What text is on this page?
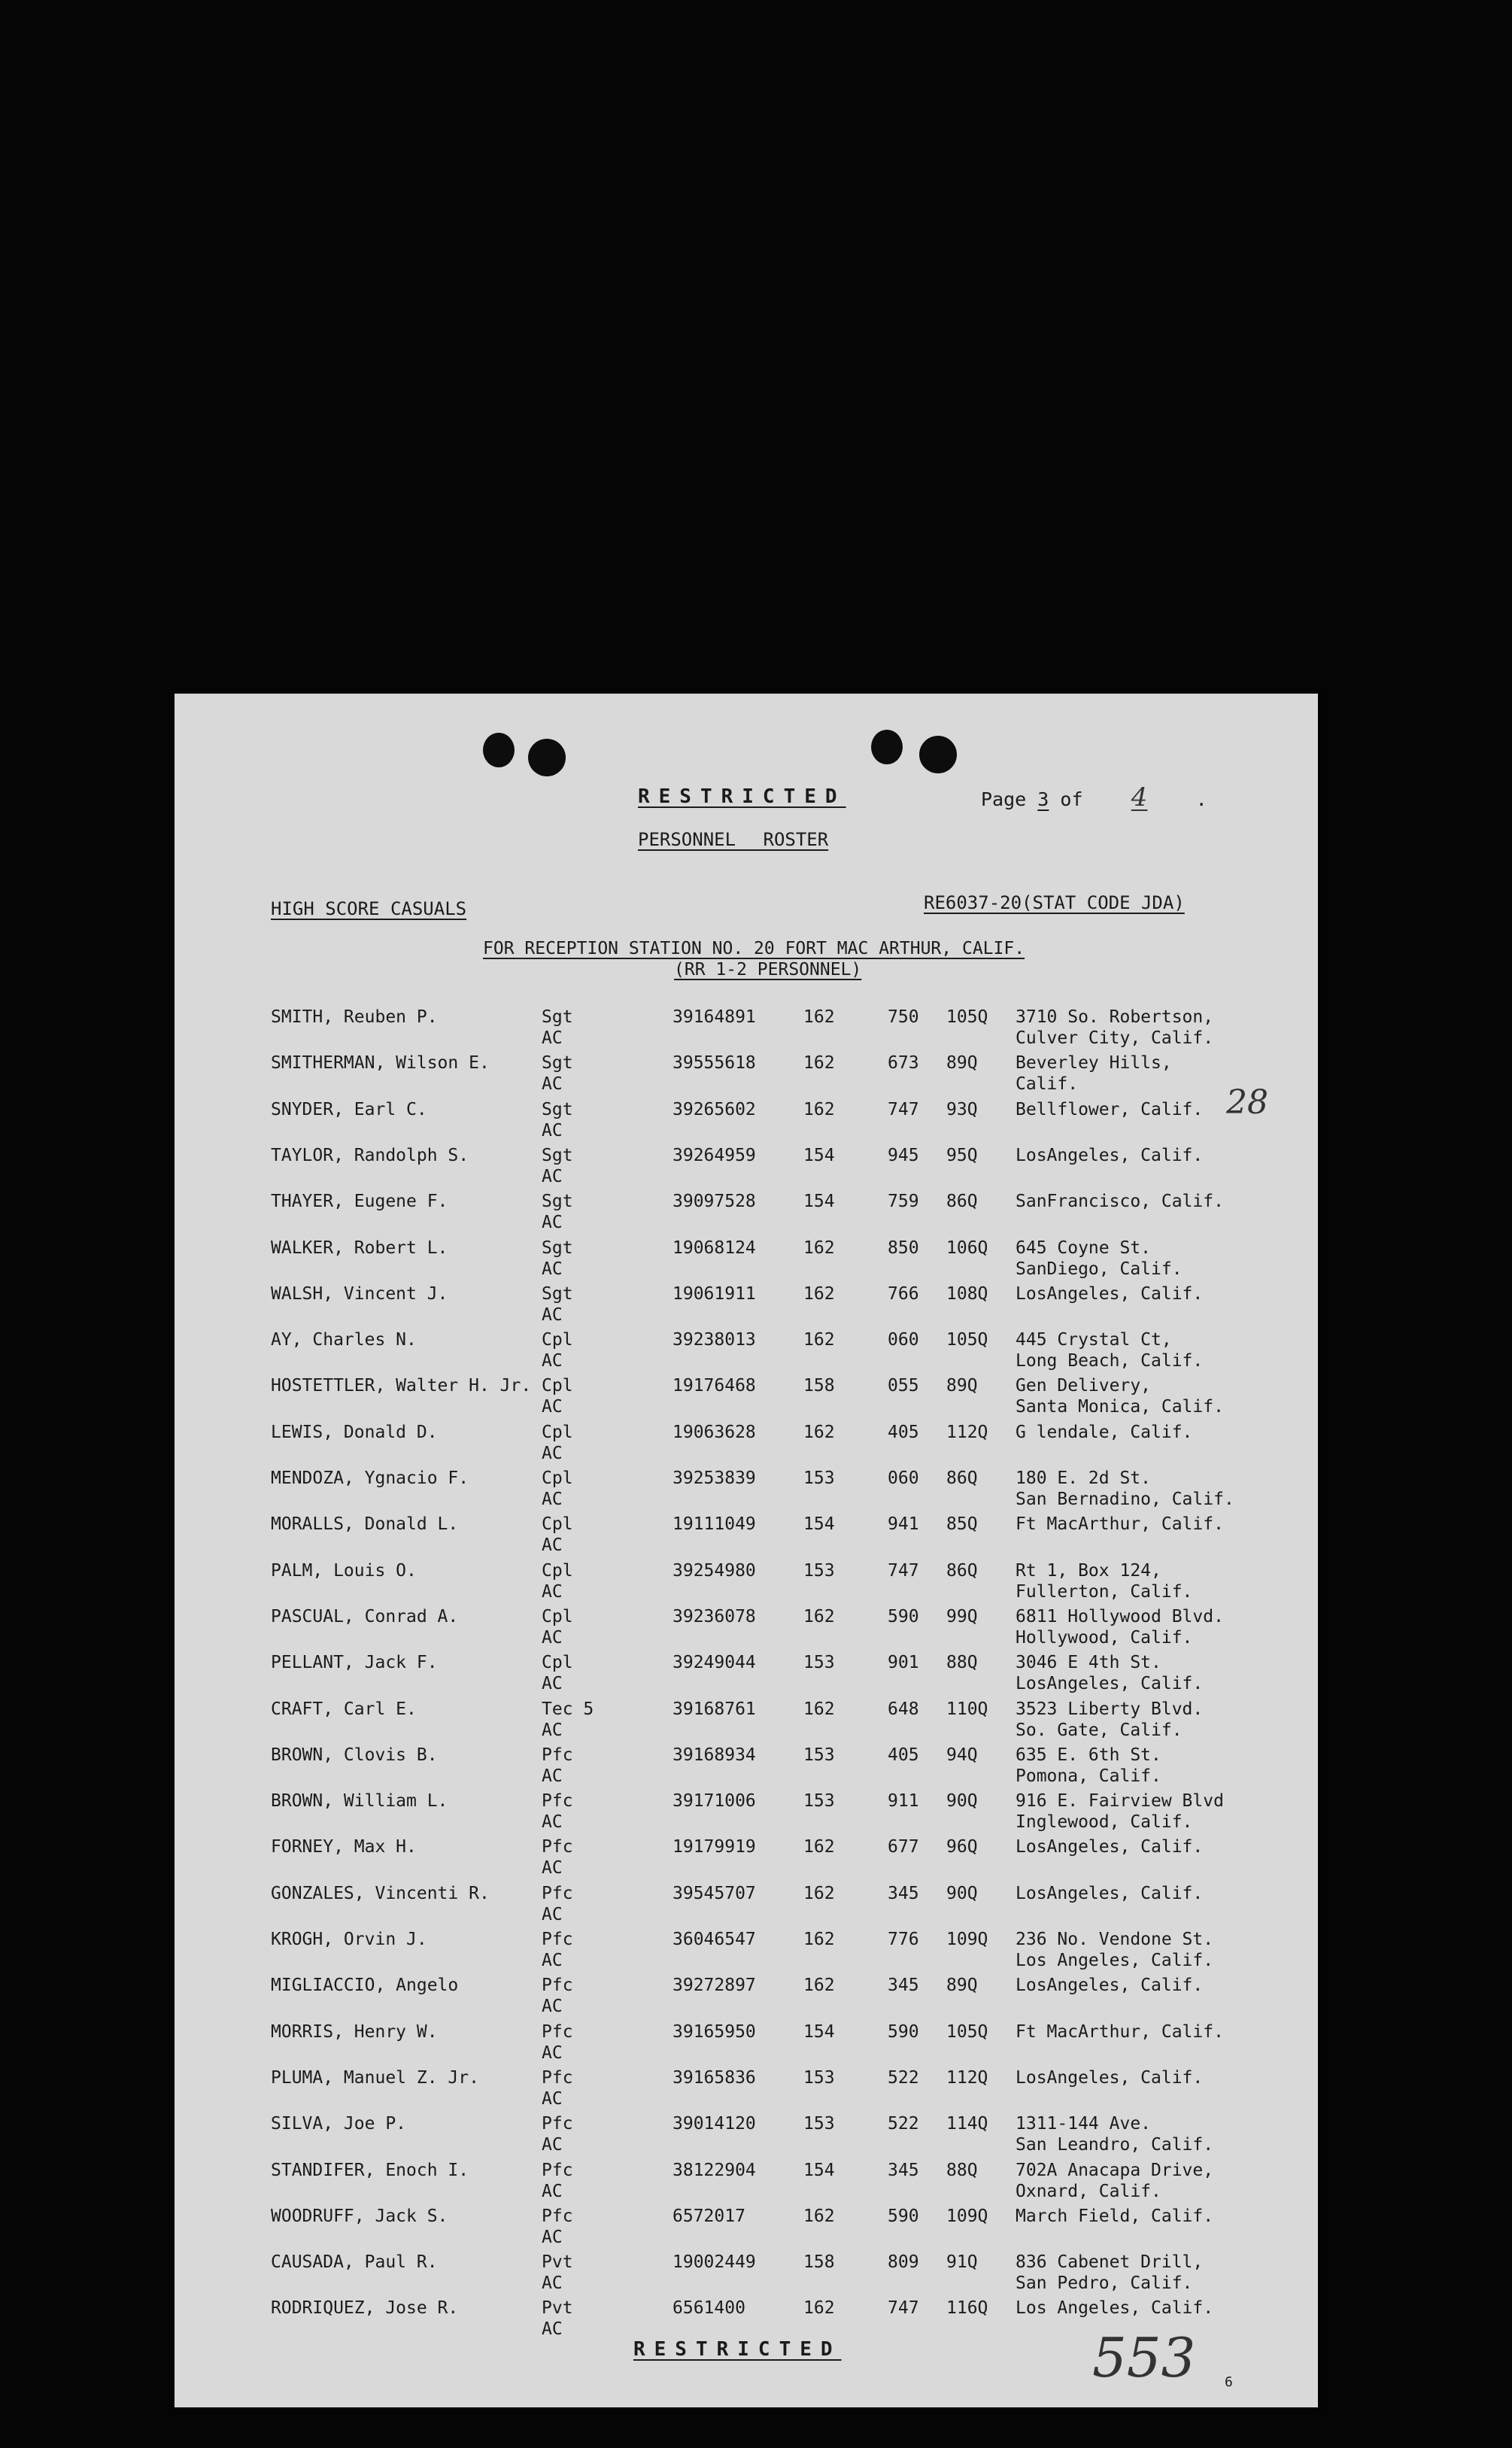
RESTRICTED	Page 3 of 4	.
PERSONNEL ROSTER
HIGH SCORE CASUALS	RE6037-20(STAT CODE JDA)
FOR RECEPTION STATION NO. 20 FORT MAC ARTHUR, CALIF.
(RR 1-2 PERSONNEL)
SMITH, Reuben P.	Sgt	39164891	162	750 105Q 3710 So. Robertson,
AC	Culver City, Calif.
SMITHERMAN, Wilson E.	Sgt	39555618	162	673 89Q Beverley Hills,
AC	Calif.
SNYDER, Earl C.	Sgt	39265602	162	747 93Q Bellflower, Calif.
AC
TAYLOR, Randolph S.	Sgt	39264959	154	945 95Q LosAngeles, Calif.
AC
THAYER, Eugene F.	Sgt	39097528	154	759 86Q SanFrancisco, Calif.
AC
WALKER, Robert L.	Sgt	19068124	162	850 106Q 645 Coyne St.
AC	SanDiego, Calif.
WALSH, Vincent J.	Sgt	19061911	162	766 108Q LosAngeles, Calif.
AC
AY, Charles N.	Cpl	39238013	162	060 105Q 445 Crystal Ct,
AC	Long Beach, Calif.
HOSTETTLER, Walter H. Jr. Cpl	19176468	158	055 89Q Gen Delivery,
AC	Santa Monica, Calif.
LEWIS, Donald D.	Cpl	19063628	162	405 112Q G lendale, Calif.
AC
MENDOZA, Ygnacio F.	Cpl	39253839	153	060 86Q 180 E. 2d St.
AC	San Bernadino, Calif.
MORALLS, Donald L.	Cpl	19111049	154	941 85Q Ft MacArthur, Calif.
AC
PALM, Louis O.	Cpl	39254980	153	747 86Q Rt 1, Box 124,
AC	Fullerton, Calif.
PASCUAL, Conrad A.	Cpl	39236078	162	590 99Q 6811 Hollywood Blvd.
AC	Hollywood, Calif.
PELLANT, Jack F.	Cpl	39249044	153	901 88Q 3046 E 4th St.
AC	LosAngeles, Calif.
CRAFT, Carl E.	Tec 5	39168761	162	648 110Q 3523 Liberty Blvd.
AC	So. Gate, Calif.
BROWN, Clovis B.	Pfc	39168934	153	405 94Q 635 E. 6th St.
AC	Pomona, Calif.
BROWN, William L.	Pfc	39171006	153	911 90Q 916 E. Fairview Blvd
AC	Inglewood, Calif.
FORNEY, Max H.	Pfc	19179919	162	677 96Q LosAngeles, Calif.
AC
GONZALES, Vincenti R.	Pfc	39545707	162	345 90Q LosAngeles, Calif.
AC
KROGH, Orvin J.	Pfc	36046547	162	776 109Q 236 No. Vendone St.
AC	Los Angeles, Calif.
MIGLIACCIO, Angelo	Pfc	39272897	162	345 89Q LosAngeles, Calif.
AC
MORRIS, Henry W.	Pfc	39165950	154	590 105Q Ft MacArthur, Calif.
AC
PLUMA, Manuel Z. Jr.	Pfc	39165836	153	522 112Q LosAngeles, Calif.
AC
SILVA, Joe P.	Pfc	39014120	153	522 114Q 1311-144 Ave.
AC	San Leandro, Calif.
STANDIFER, Enoch I.	Pfc	38122904	154	345 88Q 702A Anacapa Drive,
AC	Oxnard, Calif.
WOODRUFF, Jack S.	Pfc	6572017	162	590 109Q March Field, Calif.
AC
CAUSADA, Paul R.	Pvt	19002449	158	809 91Q 836 Cabenet Drill,
AC	San Pedro, Calif.
RODRIQUEZ, Jose R.	Pvt	6561400	162	747 116Q Los Angeles, Calif.
AC
28
RESTRICTED	553 6
